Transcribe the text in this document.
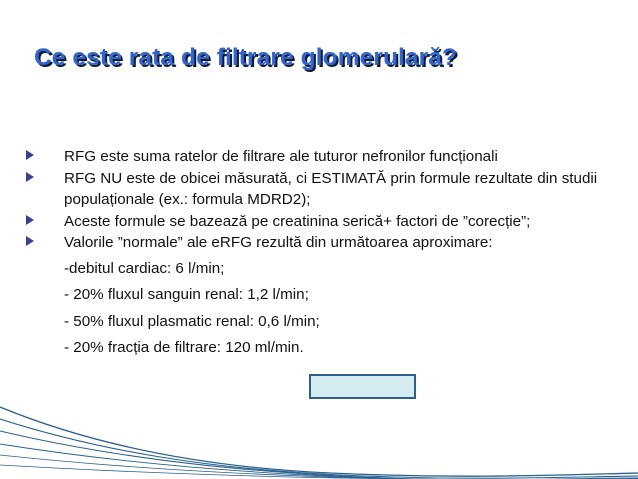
Ce este rata de filtrare glomerulară?
RFG este suma ratelor de filtrare ale tuturor nefronilor funcționali
RFG NU este de obicei măsurată, ci ESTIMATĂ prin formule rezultate din studii populaționale (ex.: formula MDRD2);
Aceste formule se bazează pe creatinina serică+ factori de ”corecție”;
Valorile ”normale” ale eRFG rezultă din următoarea aproximare:
-debitul cardiac: 6 l/min;
- 20% fluxul sanguin renal: 1,2 l/min;
- 50% fluxul plasmatic renal: 0,6 l/min;
- 20% fracția de filtrare: 120 ml/min.
